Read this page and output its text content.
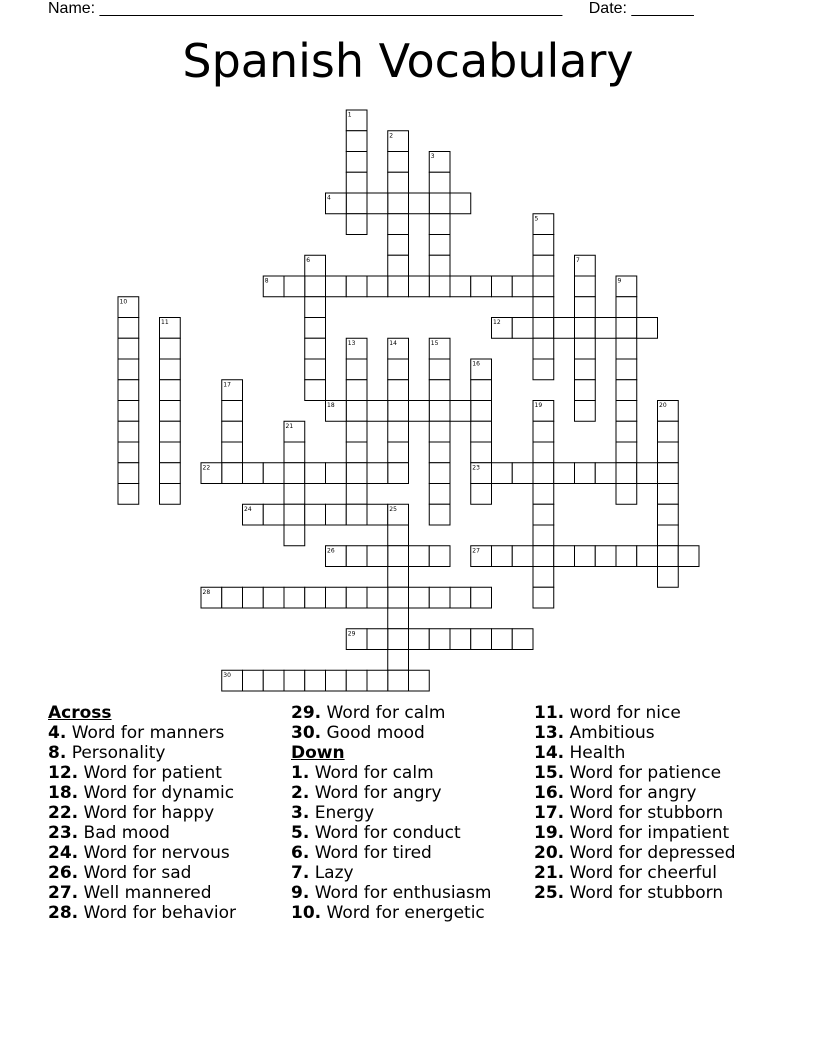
Name: ____________________________________________________ Date: _______
Spanish Vocabulary
1
2
3
4
5
6	7
8	9
10
11	12
13	14	15
16
17
18	19	20
21
22	23
24	25
26	27
28
29
30
Across
4. Word for manners
8. Personality
12. Word for patient
18. Word for dynamic
22. Word for happy
23. Bad mood
24. Word for nervous
26. Word for sad
27. Well mannered
28. Word for behavior
29. Word for calm
30. Good mood
Down
1. Word for calm
2. Word for angry
3. Energy
5. Word for conduct
6. Word for tired
7. Lazy
9. Word for enthusiasm
10. Word for energetic
11. word for nice
13. Ambitious
14. Health
15. Word for patience
16. Word for angry
17. Word for stubborn
19. Word for impatient
20. Word for depressed
21. Word for cheerful
25. Word for stubborn
